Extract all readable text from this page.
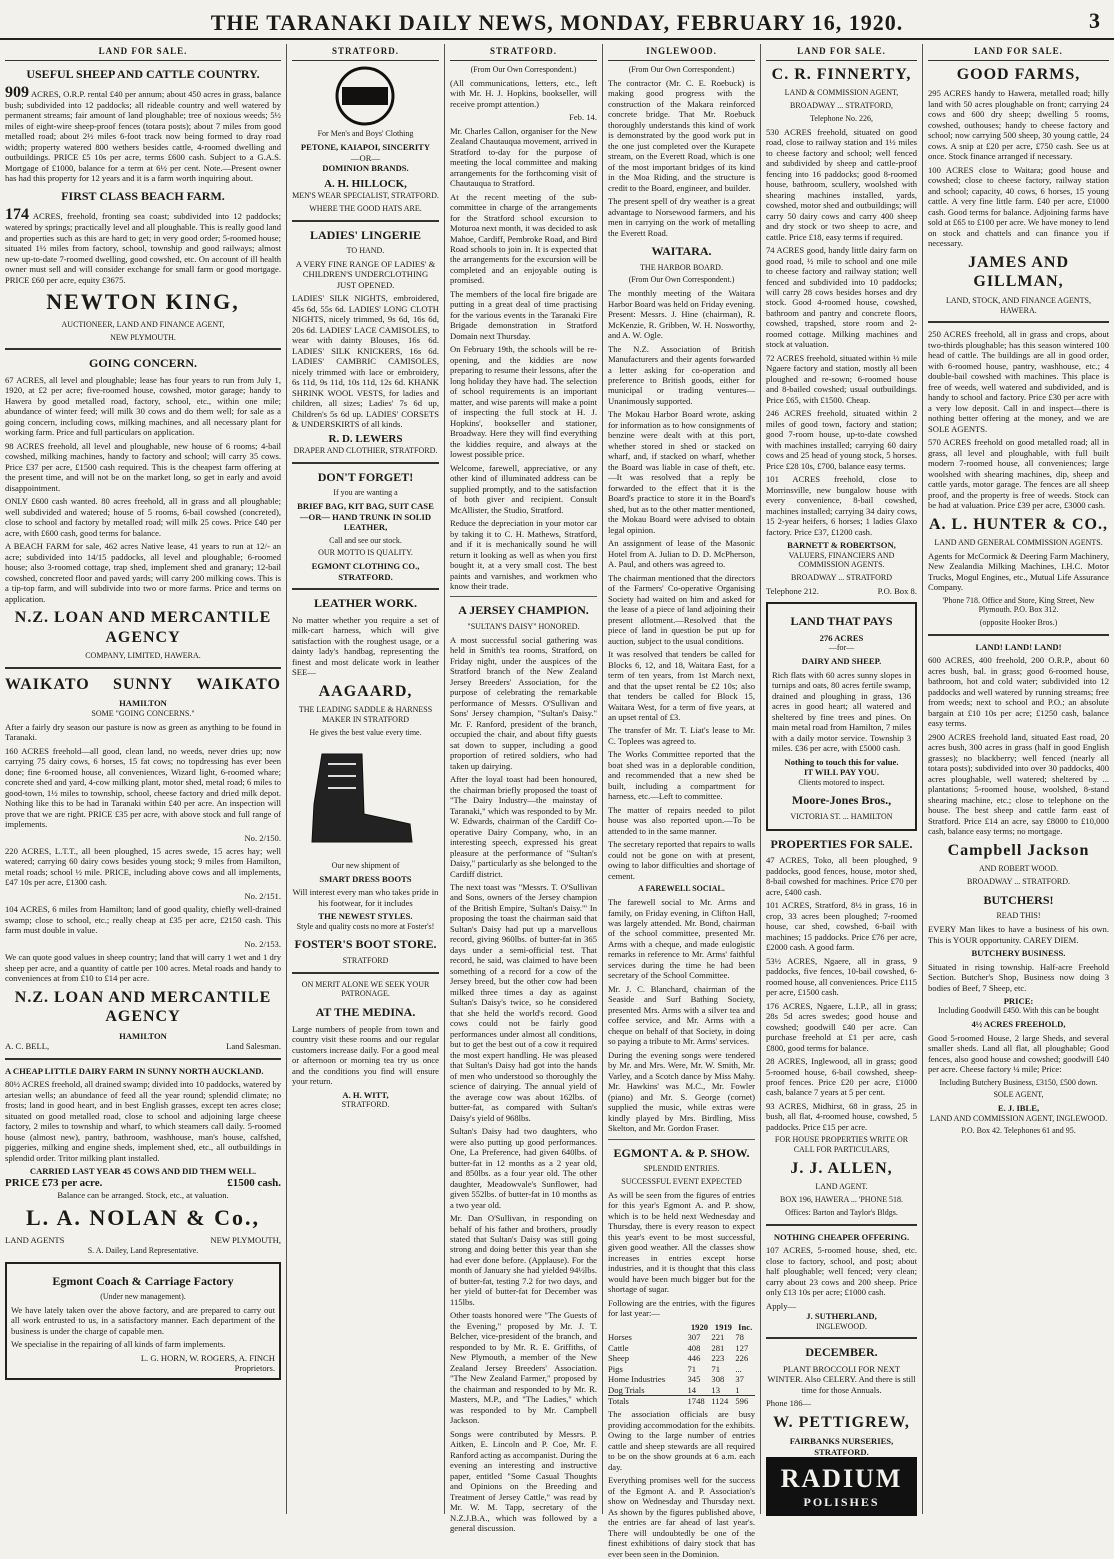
THE TARANAKI DAILY NEWS, MONDAY, FEBRUARY 16, 1920.	3
LAND FOR SALE.
USEFUL SHEEP AND CATTLE COUNTRY.

909 ACRES, O.R.P. rental £40 per annum; about 450 acres in grass, balance bush; subdivided into 12 paddocks; all rideable country and well watered by permanent streams; fair amount of land ploughable; tree of noxious weeds; 5½ miles of eight-wire sheep-proof fences (totara posts); about 7 miles from good metalled road; about 2½ miles 6-foot track now being formed to dray road width; property watered 800 wethers besides cattle, 4-roomed dwelling and outbuildings. PRICE £5 10s per acre, terms £600 cash. Subject to a G.A.S. Mortgage of £1000, balance for a term at 6½ per cent. Note.—Present owner has had this property for 12 years and it is a farm worth inquiring about.

FIRST CLASS BEACH FARM.

174 ACRES, freehold, fronting sea coast; subdivided into 12 paddocks; watered by springs; practically level and all ploughable. This is really good land and properties such as this are hard to get; in very good order; 5-roomed house; situated 1½ miles from factory, school, township and good railways; almost new up-to-date 7-roomed dwelling, good cowshed, etc. On account of ill health owner must sell and will consider exchange for small farm or good mortgage. PRICE £60 per acre, equity £3675.

NEWTON KING,
AUCTIONEER, LAND AND FINANCE AGENT,
NEW PLYMOUTH.
GOING CONCERN.

67 ACRES, all level and ploughable; lease has four years to run from July 1, 1920, at £2 per acre; five-roomed house, cowshed, motor garage; handy to Hawera by good metalled road, factory, school, etc., within one mile; abundance of winter feed; will milk 30 cows and do them well; for sale as a going concern, including cows, milking machines, and all necessary plant for working farm. Price and full particulars on application.

98 ACRES freehold, all level and ploughable, new house of 6 rooms; 4-bail cowshed, milking machines, handy to factory and school; will carry 35 cows. Price £37 per acre, £1500 cash required. This is the cheapest farm offering at the present time, and will not be on the market long, so get in early and avoid disappointment.

ONLY £600 cash wanted. 80 acres freehold, all in grass and all ploughable; well subdivided and watered; house of 5 rooms, 6-bail cowshed (concreted), close to school and factory by metalled road; will milk 25 cows. Price £40 per acre, with £600 cash, good terms for balance.

A BEACH FARM for sale, 462 acres Native lease, 41 years to run at 12/- an acre; subdivided into 14/15 paddocks, all level and ploughable; 6-roomed house; also 3-roomed cottage, trap shed, implement shed and granary; 12-bail cowshed, concreted floor and paved yards; will carry 200 milking cows. This is a tip-top farm, and will subdivide into two or more farms. Price and terms on application.

N.Z. LOAN AND MERCANTILE AGENCY
COMPANY, LIMITED, HAWERA.
WAIKATO SUNNY WAIKATO
HAMILTON
SOME "GOING CONCERNS."

After a fairly dry season our pasture is now as green as anything to be found in Taranaki.

160 ACRES freehold—all good, clean land, no weeds, never dries up; now carrying 75 dairy cows, 6 horses, 15 fat cows; no topdressing has ever been done; fine 6-roomed house, all conveniences, Wizard light, 6-roomed whare; concrete shed and yard, 4-cow milking plant, motor shed, metal road; 6 miles to good-town, 1½ miles to township, school, cheese factory and dried milk depot. Nothing like this to be had in Taranaki within £40 per acre. An inspection will prove that we are right. PRICE £35 per acre, with above stock and full range of implements.

No. 2/150.

220 ACRES, L.T.T., all been ploughed, 15 acres swede, 15 acres hay; well watered; carrying 60 dairy cows besides young stock; 9 miles from Hamilton, metal roads; school ½ mile. PRICE, including above cows and all implements, £47 10s per acre, £1300 cash.

No. 2/151.

104 ACRES, 6 miles from Hamilton; land of good quality, chiefly well-drained swamp; close to school, etc.; really cheap at £35 per acre, £2150 cash. This farm must double in value.

No. 2/153.

We can quote good values in sheep country; land that will carry 1 wet and 1 dry sheep per acre, and a quantity of cattle per 100 acres. Metal roads and handy to conveniences at from £10 to £14 per acre.

N.Z. LOAN AND MERCANTILE AGENCY
HAMILTON
A. C. BELL,	Land Salesman.
A CHEAP LITTLE DAIRY FARM IN SUNNY NORTH AUCKLAND.

80½ ACRES freehold, all drained swamp; divided into 10 paddocks, watered by artesian wells; an abundance of feed all the year round; splendid climate; no frosts; land in good heart, and in best English grasses, except ten acres close; situated on good metalled road, close to school and adjoining large cheese factory, 2 miles to township and wharf, to which steamers call daily. 5-roomed house (almost new), pantry, bathroom, washhouse, man's house, calfshed, piggeries, milking and engine sheds, implement shed, etc., all outbuildings in splendid order. Tritor milking plant installed.

CARRIED LAST YEAR 45 COWS AND DID THEM WELL.
PRICE £73 per acre.	£1500 cash.
Balance can be arranged. Stock, etc., at valuation.
L. A. NOLAN & Co.,
LAND AGENTS	NEW PLYMOUTH,
S. A. Dailey, Land Representative.
Egmont Coach & Carriage Factory
(Under new management).

We have lately taken over the above factory, and are prepared to carry out all work entrusted to us, in a satisfactory manner. Each department of the business is under the charge of capable men.

We specialise in the repairing of all kinds of farm implements.

L. G. HORN, W. ROGERS, A. FINCH
Proprietors.
STRATFORD.
For Men's and Boys' Clothing
PETONE, KAIAPOI, SINCERITY
—OR—
DOMINION BRANDS.
A. H. HILLOCK,
MEN'S WEAR SPECIALIST, STRATFORD.
WHERE THE GOOD HATS ARE.
LADIES' LINGERIE
TO HAND.

A VERY FINE RANGE OF LADIES' & CHILDREN'S UNDERCLOTHING JUST OPENED.

LADIES' SILK NIGHTS, embroidered, 45s 6d, 55s 6d. LADIES' LONG CLOTH NIGHTS, nicely trimmed, 9s 6d, 16s 6d, 20s 6d. LADIES' LACE CAMISOLES, to wear with dainty Blouses, 16s 6d. LADIES' SILK KNICKERS, 16s 6d. LADIES' CAMBRIC CAMISOLES, nicely trimmed with lace or embroidery, 6s 11d, 9s 11d, 10s 11d, 12s 6d. KHANK SHRINK WOOL VESTS, for ladies and children, all sizes; Ladies' 7s 6d up, Children's 5s 6d up. LADIES' CORSETS & UNDERSKIRTS of all kinds.

R. D. LEWERS
DRAPER AND CLOTHIER, STRATFORD.
DON'T FORGET!
If you are wanting a

BRIEF BAG, KIT BAG, SUIT CASE —OR— HAND TRUNK IN SOLID LEATHER,

Call and see our stock.
OUR MOTTO IS QUALITY.
EGMONT CLOTHING CO., STRATFORD.
LEATHER WORK.

No matter whether you require a set of milk-cart harness, which will give satisfaction with the roughest usage, or a dainty lady's handbag, representing the finest and most delicate work in leather SEE—

AAGAARD,
THE LEADING SADDLE & HARNESS MAKER IN STRATFORD
He gives the best value every time.
Our new shipment of
SMART DRESS BOOTS

Will interest every man who takes pride in his footwear, for it includes

THE NEWEST STYLES.
Style and quality costs no more at Foster's!
FOSTER'S BOOT STORE.
STRATFORD
ON MERIT ALONE WE SEEK YOUR PATRONAGE.
AT THE MEDINA.

Large numbers of people from town and country visit these rooms and our regular customers increase daily. For a good meal or afternoon or morning tea try us once and the conditions you find will ensure your return.

A. H. WITT,
STRATFORD.
STRATFORD.
(From Our Own Correspondent.)

(All communications, letters, etc., left with Mr. H. J. Hopkins, bookseller, will receive prompt attention.)

Feb. 14.

Mr. Charles Callon, organiser for the New Zealand Chautauqua movement, arrived in Stratford to-day for the purpose of meeting the local committee and making arrangements for the forthcoming visit of Chautauqua to Stratford.

At the recent meeting of the sub-committee in charge of the arrangements for the Stratford school excursion to Moturoa next month, it was decided to ask Mahoe, Cardiff, Pembroke Road, and Bird Road schools to join in. It is expected that the arrangements for the excursion will be completed and an enjoyable outing is promised.

The members of the local fire brigade are putting in a great deal of time practising for the various events in the Taranaki Fire Brigade demonstration in Stratford Domain next Thursday.

On February 19th, the schools will be re-opening, and the kiddies are now preparing to resume their lessons, after the long holiday they have had. The selection of school requirements is an important matter, and wise parents will make a point of inspecting the full stock at H. J. Hopkins', bookseller and stationer, Broadway. Here they will find everything the kiddies require, and always at the lowest possible price.

Welcome, farewell, appreciative, or any other kind of illuminated address can be supplied promptly, and to the satisfaction of both giver and recipient. Consult McAllister, the Studio, Stratford.

Reduce the depreciation in your motor car by taking it to C. H. Mathews, Stratford, and if it is mechanically sound he will return it looking as well as when you first bought it, at a very small cost. The best paints and varnishes, and workmen who know their trade.

A JERSEY CHAMPION.
"SULTAN'S DAISY" HONORED.

A most successful social gathering was held in Smith's tea rooms, Stratford, on Friday night, under the auspices of the Stratford branch of the New Zealand Jersey Breeders' Association, for the purpose of celebrating the remarkable performance of Messrs. O'Sullivan and Sons' Jersey champion, "Sultan's Daisy." Mr. F. Ranford, president of the branch, occupied the chair, and about fifty guests sat down to supper, including a good proportion of retired soldiers, who had taken up dairying.

After the loyal toast had been honoured, the chairman briefly proposed the toast of "The Dairy Industry—the mainstay of Taranaki," which was responded to by Mr. W. Edwards, chairman of the Cardiff Co-operative Dairy Company, who, in an interesting speech, expressed his great pleasure at the performance of "Sultan's Daisy," particularly as she belonged to the Cardiff district.

The next toast was "Messrs. T. O'Sullivan and Sons, owners of the Jersey champion of the British Empire, 'Sultan's Daisy.'" In proposing the toast the chairman said that Sultan's Daisy had put up a marvellous record, giving 960lbs. of butter-fat in 365 days under a semi-official test. That record, he said, was claimed to have been something of a record for a cow of the Jersey breed, but the other cow had been milked three times a day as against Sultan's Daisy's twice, so he considered that she held the world's record. Good cows could not be fairly good performances under almost all conditions, but to get the best out of a cow it required the most expert handling. He was pleased that Sultan's Daisy had got into the hands of men who understood so thoroughly the science of dairying. The annual yield of the average cow was about 162lbs. of butter-fat, as compared with Sultan's Daisy's yield of 968lbs.

Sultan's Daisy had two daughters, who were also putting up good performances. One, La Preference, had given 640lbs. of butter-fat in 12 months as a 2 year old, and 850lbs. as a four year old. The other daughter, Meadowvale's Sunflower, had given 552lbs. of butter-fat in 10 months as a two year old.

Mr. Dan O'Sullivan, in responding on behalf of his father and brothers, proudly stated that Sultan's Daisy was still going strong and doing better this year than she had ever done before. (Applause). For the month of January she had yielded 94½lbs. of butter-fat, testing 7.2 for two days, and her yield of butter-fat for December was 115lbs.

Other toasts honored were "The Guests of the Evening," proposed by Mr. J. T. Belcher, vice-president of the branch, and responded to by Mr. R. E. Griffiths, of New Plymouth, a member of the New Zealand Jersey Breeders' Association. "The New Zealand Farmer," proposed by the chairman and responded to by Mr. R. Masters, M.P., and "The Ladies," which was responded to by Mr. Campbell Jackson.

Songs were contributed by Messrs. P. Aitken, E. Lincoln and P. Coe, Mr. F. Ranford acting as accompanist. During the evening an interesting and instructive paper, entitled "Some Casual Thoughts and Opinions on the Breeding and Treatment of Jersey Cattle," was read by Mr. W. M. Tapp, secretary of the N.Z.J.B.A., which was followed by a general discussion.

INGLEWOOD.
(From Our Own Correspondent.)

The contractor (Mr. C. E. Roebuck) is making good progress with the construction of the Makara reinforced concrete bridge. That Mr. Roebuck thoroughly understands this kind of work is demonstrated by the good work put in the one just completed over the Kurapete stream, on the Everett Road, which is one of the most important bridges of its kind in the Moa Riding, and the structure is credit to the Board, engineer, and builder.

The present spell of dry weather is a great advantage to Norsewood farmers, and his men in carrying on the work of metalling the Everett Road.

WAITARA.
THE HARBOR BOARD.
(From Our Own Correspondent.)

The monthly meeting of the Waitara Harbor Board was held on Friday evening. Present: Messrs. J. Hine (chairman), R. McKenzie, R. Gribben, W. H. Nosworthy, and A. W. Ogle.

The N.Z. Association of British Manufacturers and their agents forwarded a letter asking for co-operation and preference to British goods, either for municipal or trading ventures—Unanimously supported.

The Mokau Harbor Board wrote, asking for information as to how consignments of benzine were dealt with at this port, whether stored in shed or stacked on wharf, and, if stacked on wharf, whether the Board was liable in case of theft, etc.—It was resolved that a reply be forwarded to the effect that it is the Board's practice to store it in the Board's shed, but as to the other matter mentioned, the Mokau Board were advised to obtain legal opinion.

An assignment of lease of the Masonic Hotel from A. Julian to D. D. McPherson, A. Paul, and others was agreed to.

The chairman mentioned that the directors of the Farmers' Co-operative Organising Society had waited on him and asked for the lease of a piece of land adjoining their present allotment.—Resolved that the piece of land in question be put up for auction, subject to the usual conditions.

It was resolved that tenders be called for Blocks 6, 12, and 18, Waitara East, for a term of ten years, from 1st March next, and that the upset rental be £2 10s; also that tenders be called for Block 15, Waitara West, for a term of five years, at an upset rental of £3.

The transfer of Mr. T. Liat's lease to Mr. C. Toplees was agreed to.

The Works Committee reported that the boat shed was in a deplorable condition, and recommended that a new shed be built, including a compartment for harness, etc.—Left to committee.

The matter of repairs needed to pilot house was also reported upon.—To be attended to in the same manner.

The secretary reported that repairs to walls could not be gone on with at present, owing to labor difficulties and shortage of cement.

A FAREWELL SOCIAL.

The farewell social to Mr. Arms and family, on Friday evening, in Clifton Hall, was largely attended. Mr. Bond, chairman of the school committee, presented Mr. Arms with a cheque, and made eulogistic remarks in reference to Mr. Arms' faithful services during the time he had been secretary of the School Committee.

Mr. J. C. Blanchard, chairman of the Seaside and Surf Bathing Society, presented Mrs. Arms with a silver tea and coffee service, and Mr. Arms with a cheque on behalf of that Society, in doing so paying a tribute to Mr. Arms' services.

During the evening songs were tendered by Mr. and Mrs. Were, Mr. W. Smith, Mr. Varley, and a Scotch dance by Miss Mahy. Mr. Hawkins' was M.C., Mr. Fowler (piano) and Mr. S. George (cornet) supplied the music, while extras were kindly played by Mrs. Birdling, Miss Skelton, and Mr. Gordon Fraser.

EGMONT A. & P. SHOW.
SPLENDID ENTRIES.
SUCCESSFUL EVENT EXPECTED

As will be seen from the figures of entries for this year's Egmont A. and P. show, which is to be held next Wednesday and Thursday, there is every reason to expect this year's event to be most successful, given good weather. All the classes show increases in entries except horse industries, and it is thought that this class would have been much bigger but for the shortage of sugar.

Following are the entries, with the figures for last year:—

	1920	1919	Inc.
Horses	307	221	78
Cattle	408	281	127
Sheep	446	223	226
Pigs	71	71	...
Home Industries	345	308	37
Dog Trials	14	13	1
Totals	1748	1124	596

The association officials are busy providing accommodation for the exhibits. Owing to the large number of entries cattle and sheep stewards are all required to be on the show grounds at 6 a.m. each day.

Everything promises well for the success of the Egmont A. and P. Association's show on Wednesday and Thursday next. As shown by the figures published above, the entries are far ahead of last year's. There will undoubtedly be one of the finest exhibitions of dairy stock that has ever been seen in the Dominion.

LAND FOR SALE.
C. R. FINNERTY,
LAND & COMMISSION AGENT,
BROADWAY ... STRATFORD,
Telephone No. 226,

530 ACRES freehold, situated on good road, close to railway station and 1½ miles to cheese factory and school; well fenced and subdivided by sheep and cattle-proof fencing into 16 paddocks; good 8-roomed house, bathroom, scullery, woolshed with shearing machines installed, yards, cowshed, motor shed and outbuildings; will carry 50 dairy cows and carry 400 sheep and dry stock or two sheep to acre, and cattle. Price £18, easy terms if required.

74 ACRES good, handy little dairy farm on good road, ½ mile to school and one mile to cheese factory and railway station; well fenced and subdivided into 10 paddocks; will carry 28 cows besides horses and dry stock. Good 4-roomed house, cowshed, bathroom and pantry and concrete floors, cowshed, trapshed, store room and 2-roomed cottage. Milking machines and stock at valuation.

72 ACRES freehold, situated within ½ mile Ngaere factory and station, mostly all been ploughed and re-sown; 6-roomed house and 8-bailed cowshed; usual outbuildings. Price £65, with £1500. Cheap.

246 ACRES freehold, situated within 2 miles of good town, factory and station; good 7-room house, up-to-date cowshed with machines installed; carrying 60 dairy cows and 25 head of young stock, 5 horses. Price £28 10s, £700, balance easy terms.

101 ACRES freehold, close to Morrinsville, new bungalow house with every convenience, 8-bail cowshed, machines installed; carrying 34 dairy cows, 15 2-year heifers, 6 horses; 1 ladies Glaxo factory. Price £37, £1200 cash.

BARNETT & ROBERTSON,
VALUERS, FINANCIERS AND COMMISSION AGENTS.
BROADWAY ... STRATFORD
Telephone 212.	P.O. Box 8.
LAND THAT PAYS
276 ACRES
—for—
DAIRY AND SHEEP.

Rich flats with 60 acres sunny slopes in turnips and oats, 80 acres fertile swamp, drained and ploughing in grass, 136 acres in good heart; all watered and sheltered by fine trees and pines. On main metal road from Hamilton, 7 miles with a daily motor service. Township 3 miles. £36 per acre, with £5000 cash.

Nothing to touch this for value.
IT WILL PAY YOU.
Clients motored to inspect.
Moore-Jones Bros.,
VICTORIA ST. ... HAMILTON
PROPERTIES FOR SALE.

47 ACRES, Toko, all been ploughed, 9 paddocks, good fences, house, motor shed, 8-bail cowshed for machines. Price £70 per acre, £400 cash.

101 ACRES, Stratford, 8½ in grass, 16 in crop, 33 acres been ploughed; 7-roomed house, car shed, cowshed, 6-bail with machines; 15 paddocks. Price £76 per acre, £2000 cash. A good farm.

53½ ACRES, Ngaere, all in grass, 9 paddocks, five fences, 10-bail cowshed, 6-roomed house, all conveniences. Price £115 per acre, £1500 cash.

176 ACRES, Ngaere, L.I.P., all in grass; 28s 5d acres swedes; good house and cowshed; goodwill £40 per acre. Can purchase freehold at £1 per acre, cash £800, good terms for balance.

28 ACRES, Inglewood, all in grass; good 5-roomed house, 6-bail cowshed, sheep-proof fences. Price £20 per acre, £1000 cash, balance 7 years at 5 per cent.

93 ACRES, Midhirst, 68 in grass, 25 in bush, all flat, 4-roomed house, cowshed, 5 paddocks. Price £15 per acre.

FOR HOUSE PROPERTIES WRITE OR CALL FOR PARTICULARS,
J. J. ALLEN,
LAND AGENT.
BOX 196, HAWERA ... 'PHONE 518.
Offices: Barton and Taylor's Bldgs.
NOTHING CHEAPER OFFERING.

107 ACRES, 5-roomed house, shed, etc. close to factory, school, and post; about half ploughable; well fenced; very clean; carry about 23 cows and 200 sheep. Price only £13 10s per acre; £1000 cash.

Apply—
J. SUTHERLAND,
INGLEWOOD.
DECEMBER.

PLANT BROCCOLI FOR NEXT WINTER. Also CELERY. And there is still time for those Annuals.

Phone 186—
W. PETTIGREW,
FAIRBANKS NURSERIES,
STRATFORD.
RADIUM
POLISHES
LAND FOR SALE.
GOOD FARMS,

295 ACRES handy to Hawera, metalled road; hilly land with 50 acres ploughable on front; carrying 24 cows and 600 dry sheep; dwelling 5 rooms, cowshed, outhouses; handy to cheese factory and school; now carrying 500 sheep, 30 young cattle, 24 cows. A snip at £20 per acre, £750 cash. See us at once. Stock finance arranged if necessary.

100 ACRES close to Waitara; good house and cowshed; close to cheese factory, railway station and school; capacity, 40 cows, 6 horses, 15 young cattle. A very fine little farm. £40 per acre, £1000 cash. Good terms for balance. Adjoining farms have sold at £65 to £100 per acre. We have money to lend on stock and chattels and can finance you if necessary.

JAMES AND GILLMAN,
LAND, STOCK, AND FINANCE AGENTS, HAWERA.

250 ACRES freehold, all in grass and crops, about two-thirds ploughable; has this season wintered 100 head of cattle. The buildings are all in good order, with 6-roomed house, pantry, washhouse, etc.; 4 double-bail cowshed with machines. This place is free of weeds, well watered and subdivided, and is handy to school and factory. Price £30 per acre with a very low deposit. Call in and inspect—there is nothing better offering at the money, and we are SOLE AGENTS.

570 ACRES freehold on good metalled road; all in grass, all level and ploughable, with full built modern 7-roomed house, all conveniences; large woolshed with shearing machines, dip, sheep and cattle yards, motor garage. The fences are all sheep proof, and the property is free of weeds. Stock can be had at valuation. Price £39 per acre, £3000 cash.

A. L. HUNTER & CO.,
LAND AND GENERAL COMMISSION AGENTS.

Agents for McCormick & Deering Farm Machinery, New Zealandia Milking Machines, I.H.C. Motor Trucks, Mogul Engines, etc., Mutual Life Assurance Company.

'Phone 718. Office and Store, King Street, New Plymouth. P.O. Box 312.
(opposite Hooker Bros.)
LAND! LAND! LAND!

600 ACRES, 400 freehold, 200 O.R.P., about 60 acres bush, bal. in grass; good 6-roomed house, bathroom, hot and cold water; subdivided into 12 paddocks and well watered by running streams; free from weeds; next to school and P.O.; an absolute bargain at £10 10s per acre; £1250 cash, balance easy terms.

2900 ACRES freehold land, situated East road, 20 acres bush, 300 acres in grass (half in good English grasses); no blackberry; well fenced (nearly all totara posts); subdivided into over 30 paddocks, 400 acres ploughable, well watered; sheltered by ... plantations; 5-roomed house, woolshed, 8-stand shearing machine, etc.; close to telephone on the house. The best sheep and cattle farm east of Stratford. Price £14 an acre, say £8000 to £10,000 cash, balance easy terms; no mortgage.

Campbell Jackson
AND ROBERT WOOD.
BROADWAY ... STRATFORD.
BUTCHERS!
READ THIS!

EVERY Man likes to have a business of his own. This is YOUR opportunity. CAREY DIEM.

BUTCHERY BUSINESS.

Situated in rising township. Half-acre Freehold Section. Butcher's Shop, Business now doing 3 bodies of Beef, 7 Sheep, etc.

PRICE:
Including Goodwill £450. With this can be bought
4½ ACRES FREEHOLD,

Good 5-roomed House, 2 large Sheds, and several smaller sheds. Land all flat, all ploughable; Good fences, also good house and cowshed; goodwill £40 per acre. Cheese factory ¼ mile; Price:

Including Butchery Business, £3150, £500 down.
SOLE AGENT,
E. J. IBLE,
LAND AND COMMISSION AGENT, INGLEWOOD.
P.O. Box 42. Telephones 61 and 95.
